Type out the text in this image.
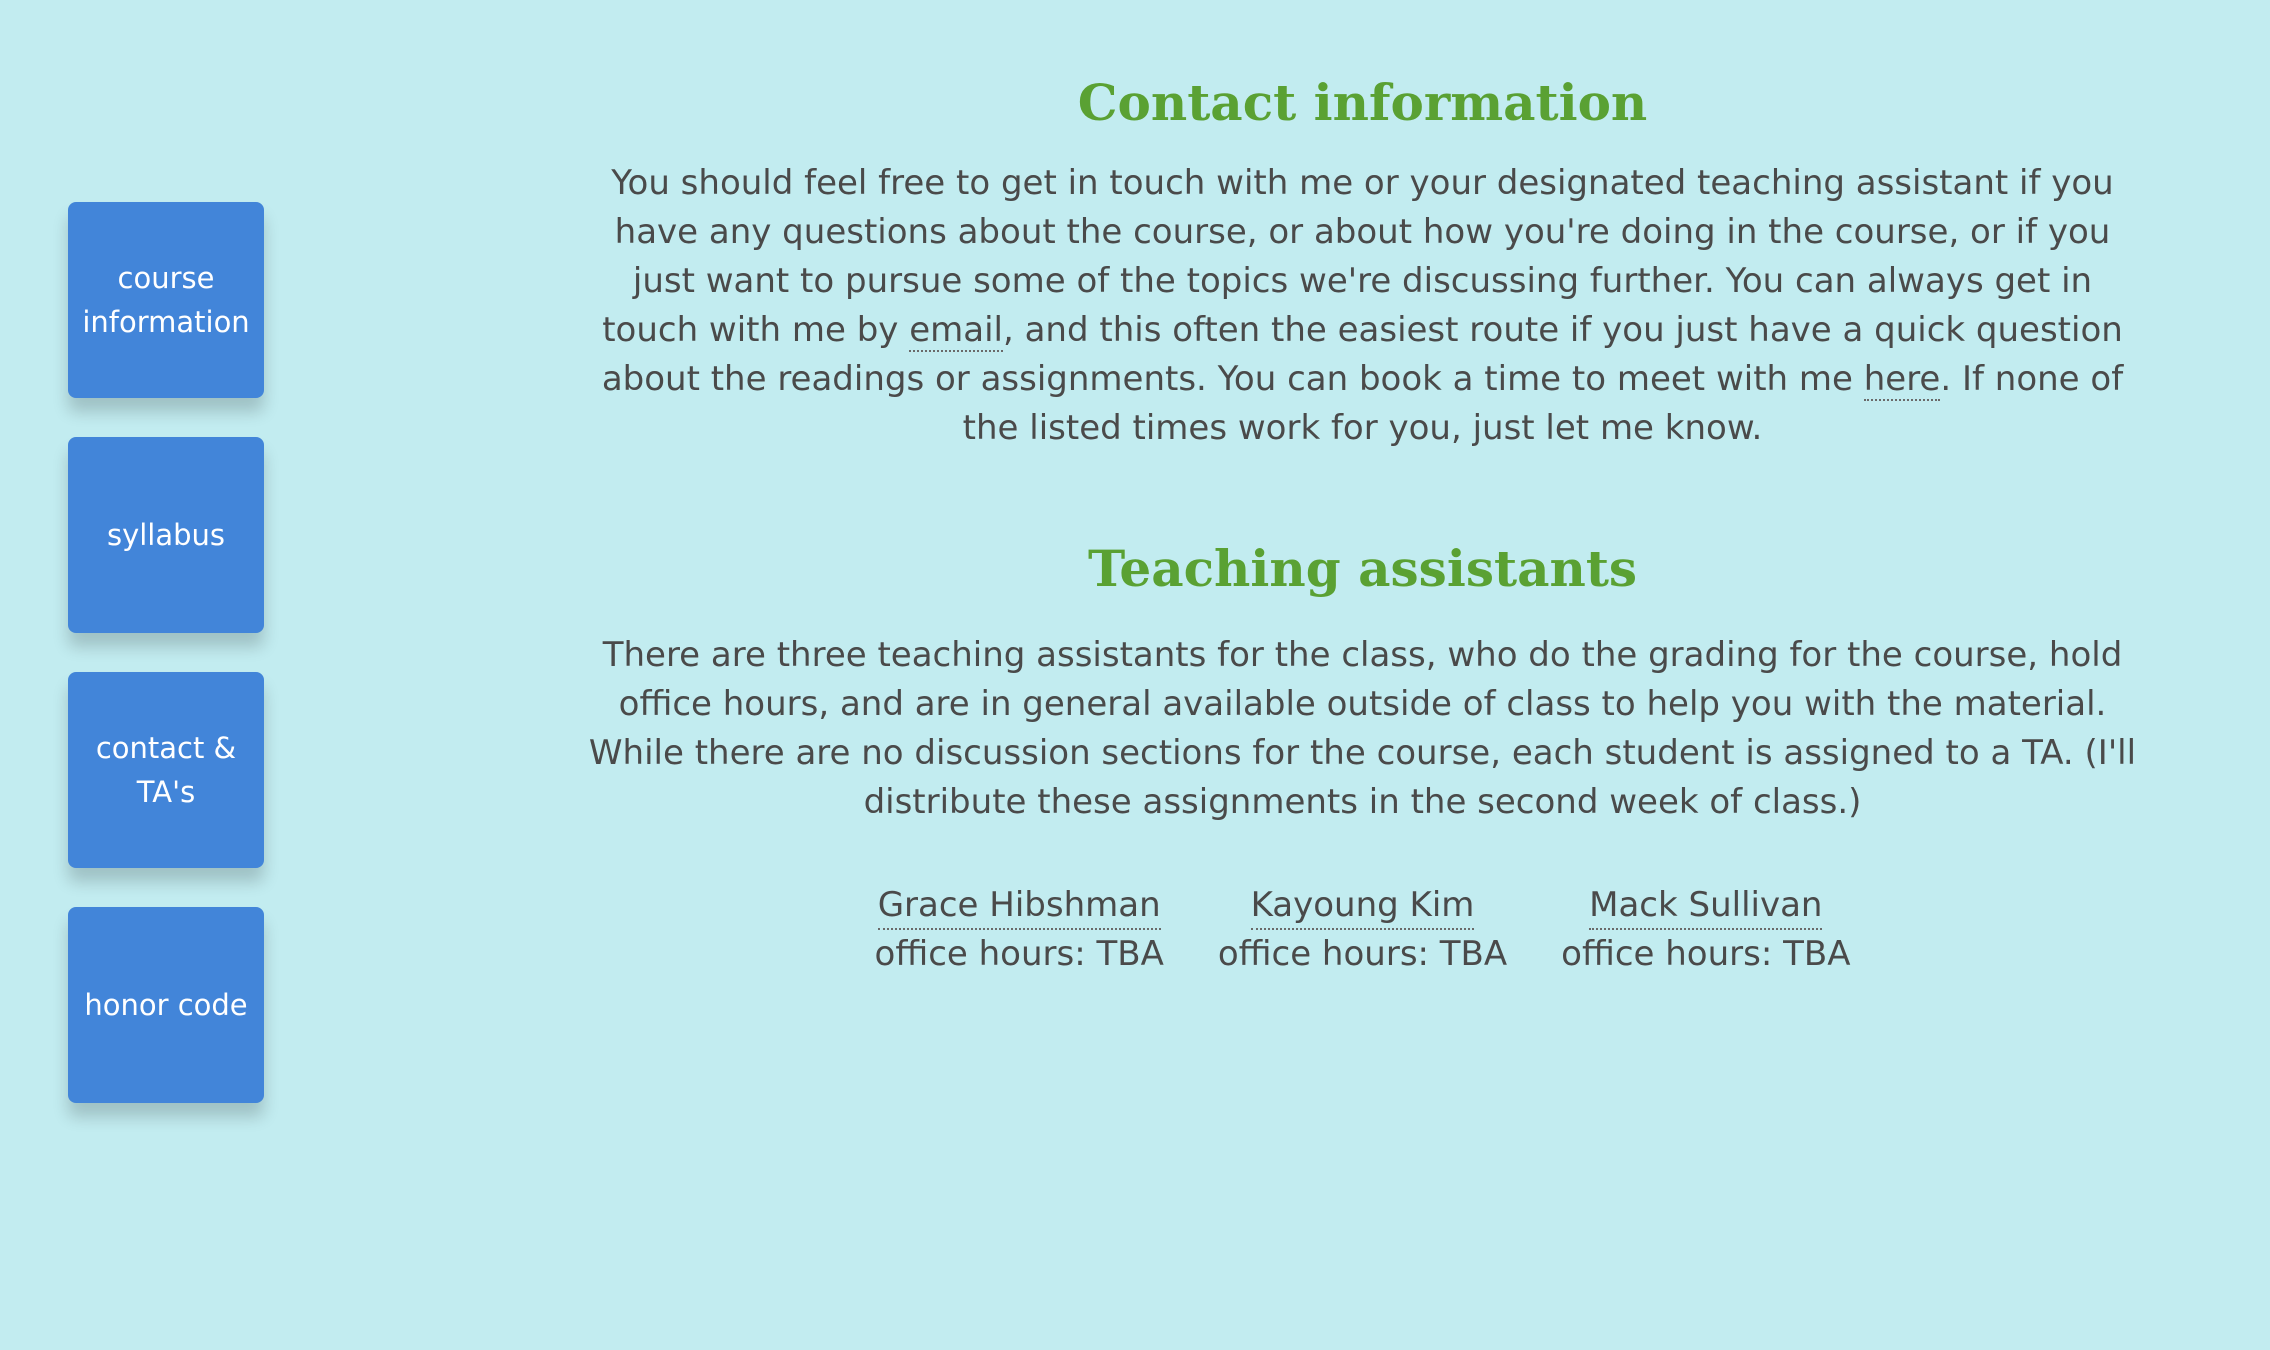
course information
syllabus
contact & TA's
honor code
Contact information

You should feel free to get in touch with me or your designated teaching assistant if you have any questions about the course, or about how you're doing in the course, or if you just want to pursue some of the topics we're discussing further. You can always get in touch with me by email, and this often the easiest route if you just have a quick question about the readings or assignments. You can book a time to meet with me here. If none of the listed times work for you, just let me know.

Teaching assistants

There are three teaching assistants for the class, who do the grading for the course, hold office hours, and are in general available outside of class to help you with the material. While there are no discussion sections for the course, each student is assigned to a TA. (I'll distribute these assignments in the second week of class.)

Grace Hibshman
office hours: TBA
Kayoung Kim
office hours: TBA
Mack Sullivan
office hours: TBA
